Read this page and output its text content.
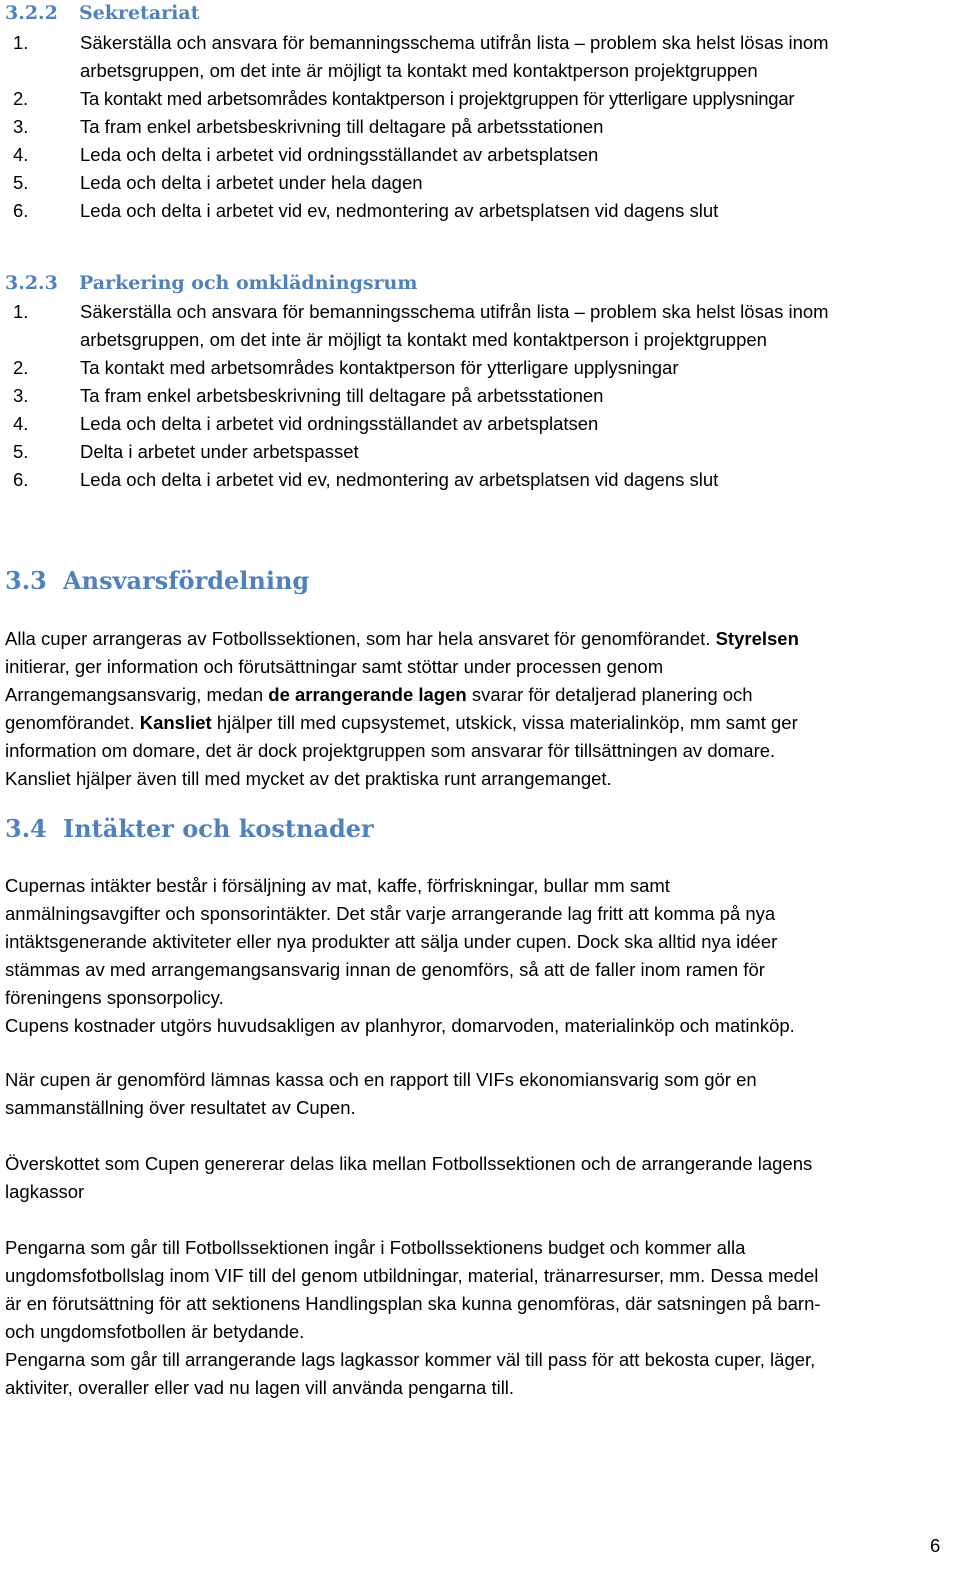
3.2.2 Sekretariat
1.	Säkerställa och ansvara för bemanningsschema utifrån lista – problem ska helst lösas inom
arbetsgruppen, om det inte är möjligt ta kontakt med kontaktperson projektgruppen
2.	Ta kontakt med arbetsområdes kontaktperson i projektgruppen för ytterligare upplysningar
3.	Ta fram enkel arbetsbeskrivning till deltagare på arbetsstationen
4.	Leda och delta i arbetet vid ordningsställandet av arbetsplatsen
5.	Leda och delta i arbetet under hela dagen
6.	Leda och delta i arbetet vid ev, nedmontering av arbetsplatsen vid dagens slut
3.2.3 Parkering och omklädningsrum
1.	Säkerställa och ansvara för bemanningsschema utifrån lista – problem ska helst lösas inom
arbetsgruppen, om det inte är möjligt ta kontakt med kontaktperson i projektgruppen
2.	Ta kontakt med arbetsområdes kontaktperson för ytterligare upplysningar
3.	Ta fram enkel arbetsbeskrivning till deltagare på arbetsstationen
4.	Leda och delta i arbetet vid ordningsställandet av arbetsplatsen
5.	Delta i arbetet under arbetspasset
6.	Leda och delta i arbetet vid ev, nedmontering av arbetsplatsen vid dagens slut
3.3 Ansvarsfördelning
Alla cuper arrangeras av Fotbollssektionen, som har hela ansvaret för genomförandet. Styrelsen
initierar, ger information och förutsättningar samt stöttar under processen genom
Arrangemangsansvarig, medan de arrangerande lagen svarar för detaljerad planering och
genomförandet. Kansliet hjälper till med cupsystemet, utskick, vissa materialinköp, mm samt ger
information om domare, det är dock projektgruppen som ansvarar för tillsättningen av domare.
Kansliet hjälper även till med mycket av det praktiska runt arrangemanget.
3.4 Intäkter och kostnader
Cupernas intäkter består i försäljning av mat, kaffe, förfriskningar, bullar mm samt
anmälningsavgifter och sponsorintäkter. Det står varje arrangerande lag fritt att komma på nya
intäktsgenerande aktiviteter eller nya produkter att sälja under cupen. Dock ska alltid nya idéer
stämmas av med arrangemangsansvarig innan de genomförs, så att de faller inom ramen för
föreningens sponsorpolicy.
Cupens kostnader utgörs huvudsakligen av planhyror, domarvoden, materialinköp och matinköp.
När cupen är genomförd lämnas kassa och en rapport till VIFs ekonomiansvarig som gör en
sammanställning över resultatet av Cupen.
Överskottet som Cupen genererar delas lika mellan Fotbollssektionen och de arrangerande lagens
lagkassor
Pengarna som går till Fotbollssektionen ingår i Fotbollssektionens budget och kommer alla
ungdomsfotbollslag inom VIF till del genom utbildningar, material, tränarresurser, mm. Dessa medel
är en förutsättning för att sektionens Handlingsplan ska kunna genomföras, där satsningen på barn-
och ungdomsfotbollen är betydande.
Pengarna som går till arrangerande lags lagkassor kommer väl till pass för att bekosta cuper, läger,
aktiviter, overaller eller vad nu lagen vill använda pengarna till.
6
